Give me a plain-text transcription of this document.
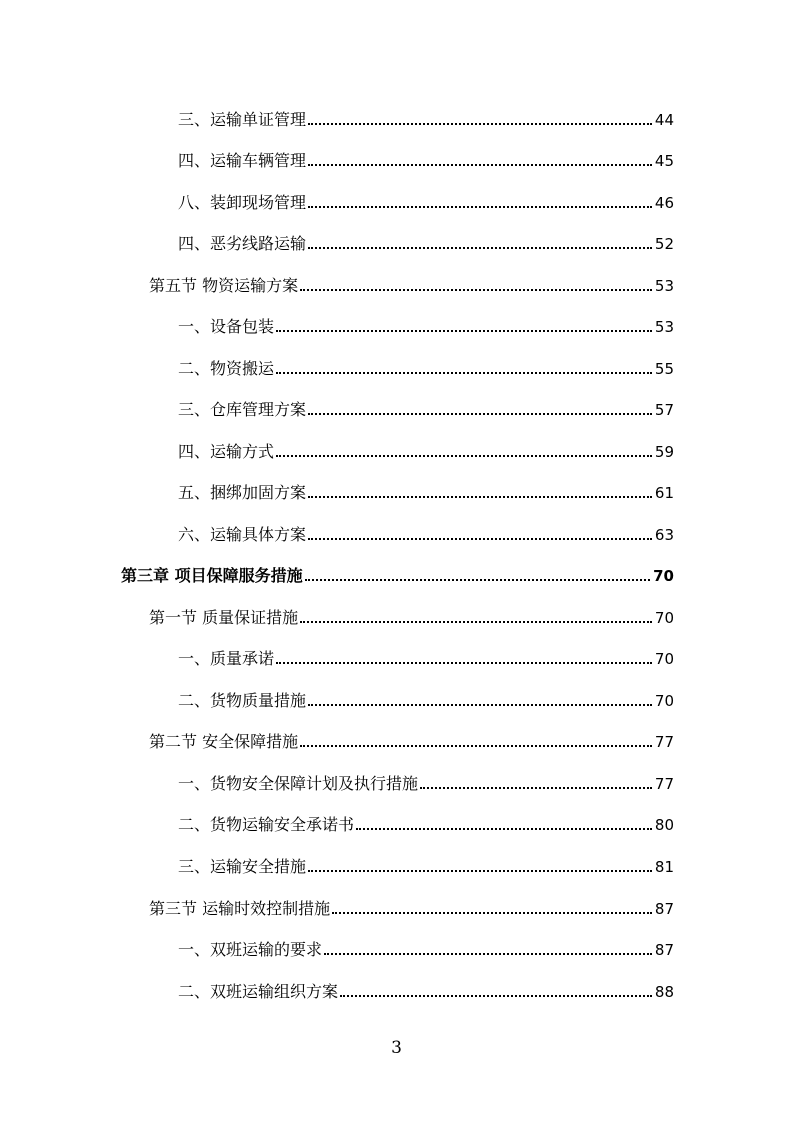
三、运输单证管理	44
四、运输车辆管理	45
八、装卸现场管理	46
四、恶劣线路运输	52
第五节 物资运输方案	53
一、设备包装	53
二、物资搬运	55
三、仓库管理方案	57
四、运输方式	59
五、捆绑加固方案	61
六、运输具体方案	63
第三章 项目保障服务措施	70
第一节 质量保证措施	70
一、质量承诺	70
二、货物质量措施	70
第二节 安全保障措施	77
一、货物安全保障计划及执行措施	77
二、货物运输安全承诺书	80
三、运输安全措施	81
第三节 运输时效控制措施	87
一、双班运输的要求	87
二、双班运输组织方案	88
3
